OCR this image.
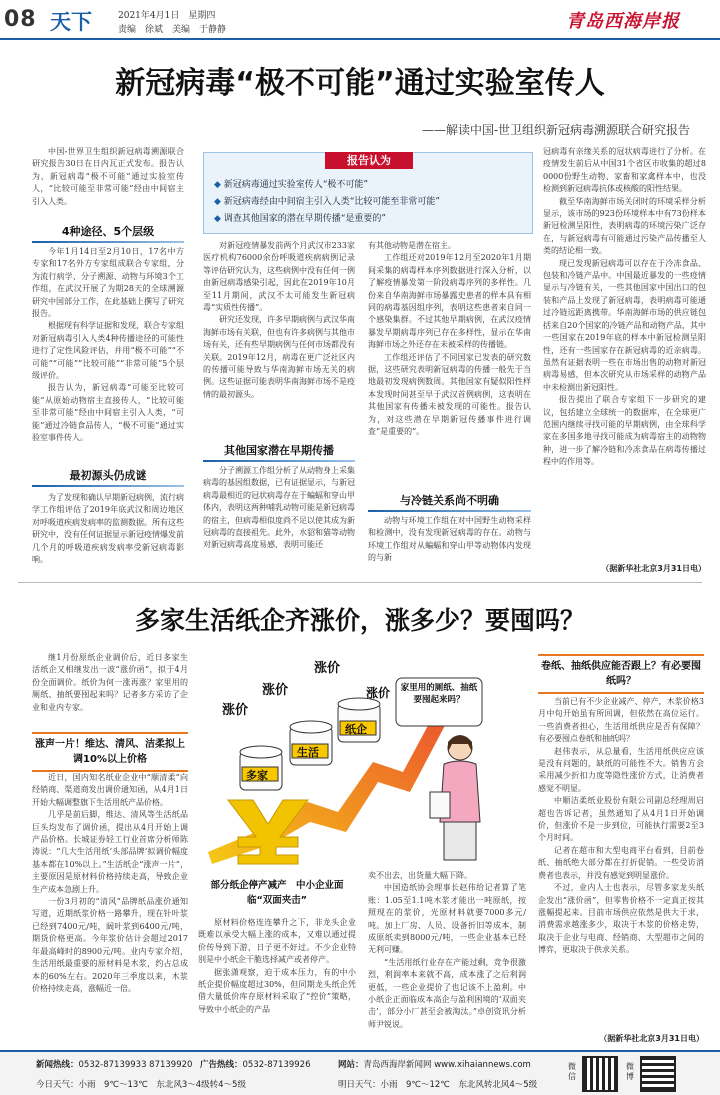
08 天下	2021年4月1日　星期四
责编　徐斌　美编　于静静	青岛西海岸报
新冠病毒“极不可能”通过实验室传人
——解读中国-世卫组织新冠病毒溯源联合研究报告

中国-世界卫生组织新冠病毒溯源联合研究报告30日在日内瓦正式发布。报告认为，新冠病毒“极不可能”通过实验室传人，“比较可能至非常可能”经由中间宿主引入人类。

4种途径、5个层级

今年1月14日至2月10日，17名中方专家和17名外方专家组成联合专家组，分为流行病学、分子溯源、动物与环境3个工作组，在武汉开展了为期28天的全球溯源研究中国部分工作，在此基础上撰写了研究报告。

根据现有科学证据和发现，联合专家组对新冠病毒引入人类4种传播途径的可能性进行了定性风险评估，并用“极不可能”“不可能”“可能”“比较可能”“非常可能”5个层级评价。

报告认为，新冠病毒“可能至比较可能”从原始动物宿主直接传人，“比较可能至非常可能”经由中间宿主引入人类，“可能”通过冷链食品传人，“极不可能”通过实验室事件传人。

最初源头仍成谜

为了发现和确认早期新冠病例，流行病学工作组评估了2019年底武汉和周边地区对呼吸道疾病发病率的监测数据。所有这些研究中，没有任何证据显示新冠疫情爆发前几个月的呼吸道疾病发病率受新冠病毒影响。

报告认为
◆ 新冠病毒通过实验室传人“极不可能”
◆ 新冠病毒经由中间宿主引入人类“比较可能至非常可能”
◆ 调查其他国家的潜在早期传播“是重要的”

对新冠疫情暴发前两个月武汉市233家医疗机构76000余份呼吸道疾病病例记录等评估研究认为，这些病例中没有任何一例由新冠病毒感染引起，因此在2019年10月至11月期间，武汉不太可能发生新冠病毒“实质性传播”。

研究还发现，许多早期病例与武汉华南海鲜市场有关联，但也有许多病例与其他市场有关，还有些早期病例与任何市场都没有关联。2019年12月，病毒在更广泛社区内的传播可能导致与华南海鲜市场无关的病例。这些证据可能表明华南海鲜市场不是疫情的最初源头。

其他国家潜在早期传播

分子溯源工作组分析了从动物身上采集病毒的基因组数据，已有证据显示，与新冠病毒最相近的冠状病毒存在于蝙蝠和穿山甲体内，表明这两种哺乳动物可能是新冠病毒的宿主，但病毒相似度尚不足以使其成为新冠病毒的直接祖先。此外，水貂和猫等动物对新冠病毒高度易感，表明可能还

有其他动物是潜在宿主。

工作组还对2019年12月至2020年1月期间采集的病毒样本序列数据进行深入分析，以了解疫情暴发第一阶段病毒序列的多样性。几份来自华南海鲜市场暴露史患者的样本具有相同的病毒基因组序列，表明这些患者来自同一个感染集群。不过其他早期病例，在武汉疫情暴发早期病毒序列已存在多样性，显示在华南海鲜市场之外还存在未被采样的传播链。

工作组还评估了不同国家已发表的研究数据，这些研究表明新冠病毒的传播一般先于当地最初发现病例数周。其他国家有疑似阳性样本发现时间甚至早于武汉首例病例，这表明在其他国家有传播未被发现的可能性。报告认为，对这些潜在早期新冠传播事件进行调查“是重要的”。

与冷链关系尚不明确

动物与环境工作组在对中国野生动物采样和检测中，没有发现新冠病毒的存在。动物与环境工作组对从蝙蝠和穿山甲等动物体内发现的与新

冠病毒有亲缘关系的冠状病毒进行了分析。在疫情发生前后从中国31个省区市收集的超过80000份野生动物、家畜和家禽样本中，也没检测到新冠病毒抗体或核酸的阳性结果。

截至华南海鲜市场关闭时的环境采样分析显示，该市场的923份环境样本中有73份样本新冠检测呈阳性，表明病毒的环境污染广泛存在，与新冠病毒有可能通过污染产品传播至人类的结论相一致。

现已发现新冠病毒可以存在于冷冻食品、包装和冷链产品中。中国最近暴发的一些疫情显示与冷链有关，一些其他国家中国出口的包装和产品上发现了新冠病毒，表明病毒可能通过冷链远距离携带。华南海鲜市场的供应链包括来自20个国家的冷链产品和动物产品，其中一些国家在2019年底的样本中新冠检测呈阳性，还有一些国家存在新冠病毒的近亲病毒。虽然有证据表明一些在市场出售的动物对新冠病毒易感，但本次研究从市场采样的动物产品中未检测出新冠阳性。

报告提出了联合专家组下一步研究的建议，包括建立全球统一的数据库，在全球更广范围内继续寻找可能的早期病例，由全球科学家在多国多地寻找可能成为病毒宿主的动物物种，进一步了解冷链和冷冻食品在病毒传播过程中的作用等。

（据新华社北京3月31日电）
多家生活纸企齐涨价，涨多少？要囤吗？

继1月份原纸企业调价后，近日多家生活纸企又相继发出一波“涨价函”，拟于4月份全面调价。纸价为何一涨再涨？家里用的厕纸、抽纸要囤起来吗？记者多方采访了企业和业内专家。

涨声一片！维达、清风、洁柔拟上调10%以上价格

近日，国内知名纸业企业中“顺清柔”向经销商、渠道商发出调价通知函，从4月1日开始大幅调整旗下生活用纸产品价格。

几乎是前后脚，维达、清风等生活纸品巨头均发布了调价函，提出从4月开始上调产品价格。长城证券轻工行业首席分析师陈涛说：“几大生活用纸‘头部品牌’拟调价幅度基本都在10%以上。”生活纸企“涨声一片”，主要原因是原材料价格持续走高，导致企业生产成本急剧上升。

一份3月初的“清风”品牌纸品涨价通知写道，近期纸浆价格一路攀升，现在针叶浆已经到7400元/吨，阔叶浆到6400元/吨，期货价格更高。今年浆价估计会超过2017年最高峰时的8900元/吨。业内专家介绍，生活用纸最重要的原材料是木浆，约占总成本的60%左右。2020年三季度以来，木浆价格持续走高，涨幅近一倍。

涨价
涨价
涨价
涨价
多家
生活
纸企
家里用的厕纸、抽纸要囤起来吗？
部分纸企停产减产　中小企业面临“双面夹击”

原材料价格连连攀升之下，非龙头企业既难以承受大幅上涨的成本，又难以通过提价传导到下游，日子更不好过。不少企业特别是中小纸企干脆选择减产或者停产。

据张潇观察，迫于成本压力，有的中小纸企提价幅度超过30%，但同期龙头纸企凭借大量低价库存原材料采取了“控价”策略，导致中小纸企的产品

卖不出去，出货量大幅下降。

中国造纸协会理事长赵伟给记者算了笔账：1.05至1.1吨木浆才能出一吨原纸，按照现在的浆价，光原材料就要7000多元/吨。加上厂房、人员、设备折旧等成本，制成原纸卖到8000元/吨，一些企业基本已经无利可赚。

“生活用纸行业存在产能过剩，竞争很激烈，利润率本来就不高，成本涨了之后利润更低，一些企业提价了也记该不上盈利。中小纸企正面临成本高企与盈利困境的‘双面夹击’，部分小厂甚至会被淘汰。”卓创资讯分析师尹锐说。

卷纸、抽纸供应能否跟上？有必要囤纸吗？

当前已有不少企业减产、停产，木浆价格3月中旬开始虽有所回调，但依然在高位运行。一些消费者担心，生活用纸供应是否有保障？有必要囤点卷纸和抽纸吗？

赵伟表示，从总量看，生活用纸供应应该是没有问题的，缺纸的可能性不大。销售方会采用减少折扣力度等隐性涨价方式，让消费者感觉不明显。

中顺洁柔纸业股份有限公司副总经理周启超也告诉记者，虽然通知了从4月1日开始调价，但涨价不是一步到位，可能执行需要2至3个月时间。

记者在超市和大型电商平台看到，目前卷纸、抽纸绝大部分都在打折促销。一些受访消费者也表示，并没有感觉到明显涨价。

不过，业内人士也表示，尽管多家龙头纸企发出“涨价函”，但零售价格不一定真正按其涨幅提起来。目前市场供应依然是供大于求，消费需求越涨多少，取决于木浆的价格走势，取决于企业与电商、经销商、大型超市之间的博弈，更取决于供求关系。

（据新华社北京3月31日电）
新闻热线：0532-87139933 87139920 广告热线：0532-87139926	网站：青岛西海岸新闻网 www.xihaiannews.com
今日天气：小雨　9℃～13℃　东北风3～4级转4～5级	明日天气：小雨　9℃～12℃　东北风转北风4～5级
微信
微博
